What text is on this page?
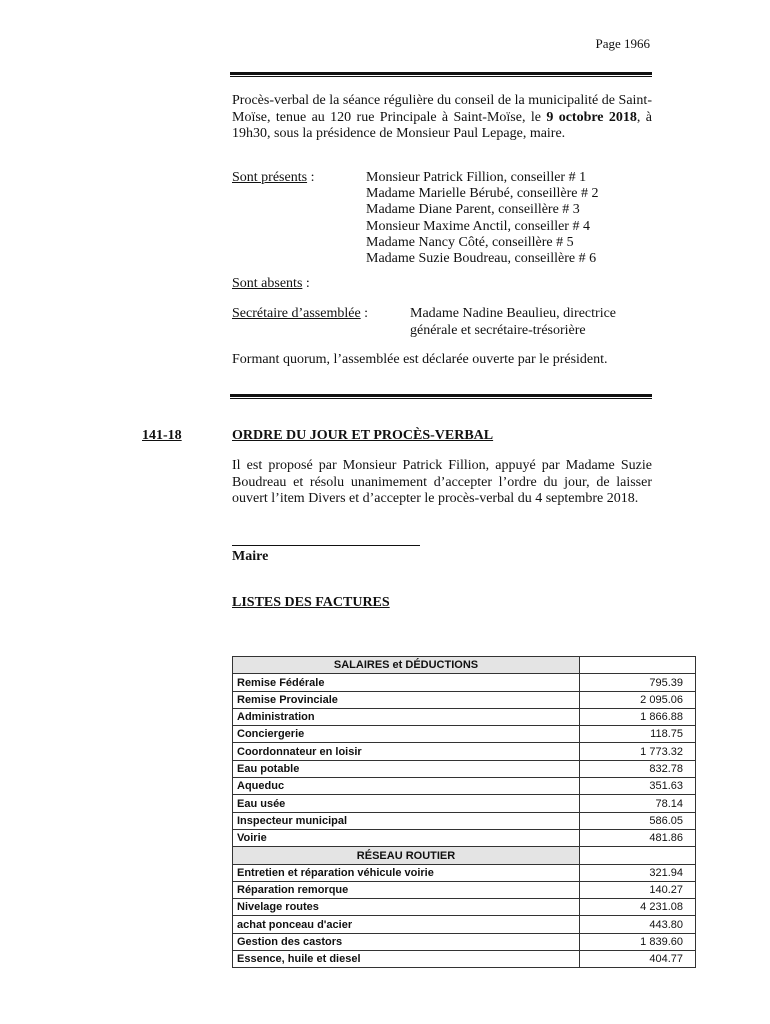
Page 1966
Procès-verbal de la séance régulière du conseil de la municipalité de Saint-Moïse, tenue au 120 rue Principale à Saint-Moïse, le 9 octobre 2018, à 19h30, sous la présidence de Monsieur Paul Lepage, maire.
Sont présents :	Monsieur Patrick Fillion, conseiller # 1
Madame Marielle Bérubé, conseillère # 2
Madame Diane Parent, conseillère # 3
Monsieur Maxime Anctil, conseiller # 4
Madame Nancy Côté, conseillère # 5
Madame Suzie Boudreau, conseillère # 6
Sont absents :
Secrétaire d’assemblée :	Madame Nadine Beaulieu, directrice générale et secrétaire-trésorière
Formant quorum, l’assemblée est déclarée ouverte par le président.
141-18	ORDRE DU JOUR ET PROCÈS-VERBAL
Il est proposé par Monsieur Patrick Fillion, appuyé par Madame Suzie Boudreau et résolu unanimement d’accepter l’ordre du jour, de laisser ouvert l’item Divers et d’accepter le procès-verbal du 4 septembre 2018.
Maire
LISTES DES FACTURES
SALAIRES et DÉDUCTIONS	
Remise Fédérale	795.39
Remise Provinciale	2 095.06
Administration	1 866.88
Conciergerie	118.75
Coordonnateur en loisir	1 773.32
Eau potable	832.78
Aqueduc	351.63
Eau usée	78.14
Inspecteur municipal	586.05
Voirie	481.86
RÉSEAU ROUTIER	
Entretien et réparation véhicule voirie	321.94
Réparation remorque	140.27
Nivelage routes	4 231.08
achat ponceau d'acier	443.80
Gestion des castors	1 839.60
Essence, huile et diesel	404.77
